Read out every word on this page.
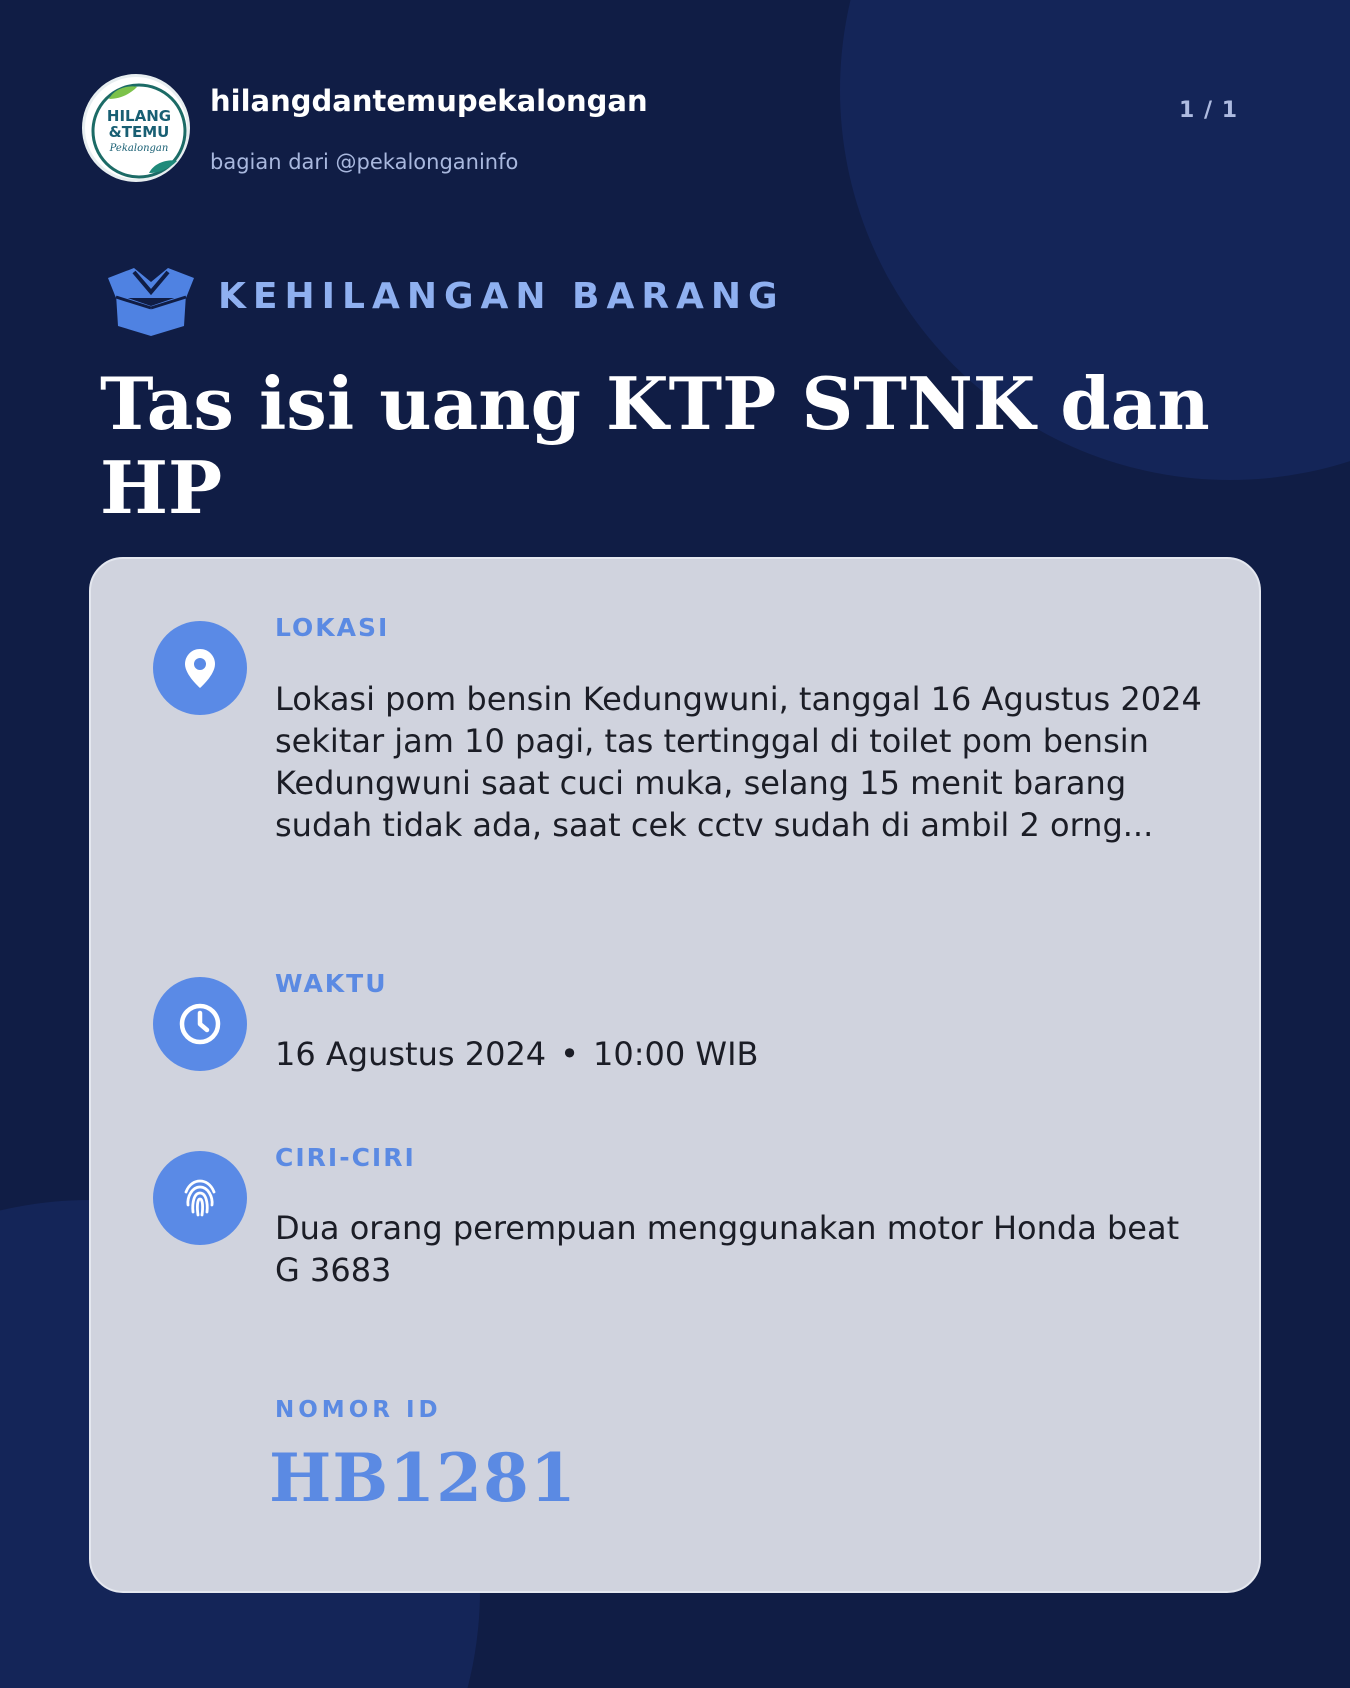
HILANG
&TEMU
Pekalongan
hilangdantemupekalongan
bagian dari @pekalonganinfo
1 / 1
KEHILANGAN BARANG
Tas isi uang KTP STNK dan HP
LOKASI
Lokasi pom bensin Kedungwuni, tanggal 16 Agustus 2024 sekitar jam 10 pagi, tas tertinggal di toilet pom bensin Kedungwuni saat cuci muka, selang 15 menit barang sudah tidak ada, saat cek cctv sudah di ambil 2 orng...
WAKTU
16 Agustus 2024 • 10:00 WIB
CIRI-CIRI
Dua orang perempuan menggunakan motor Honda beat G 3683
NOMOR ID
HB1281
